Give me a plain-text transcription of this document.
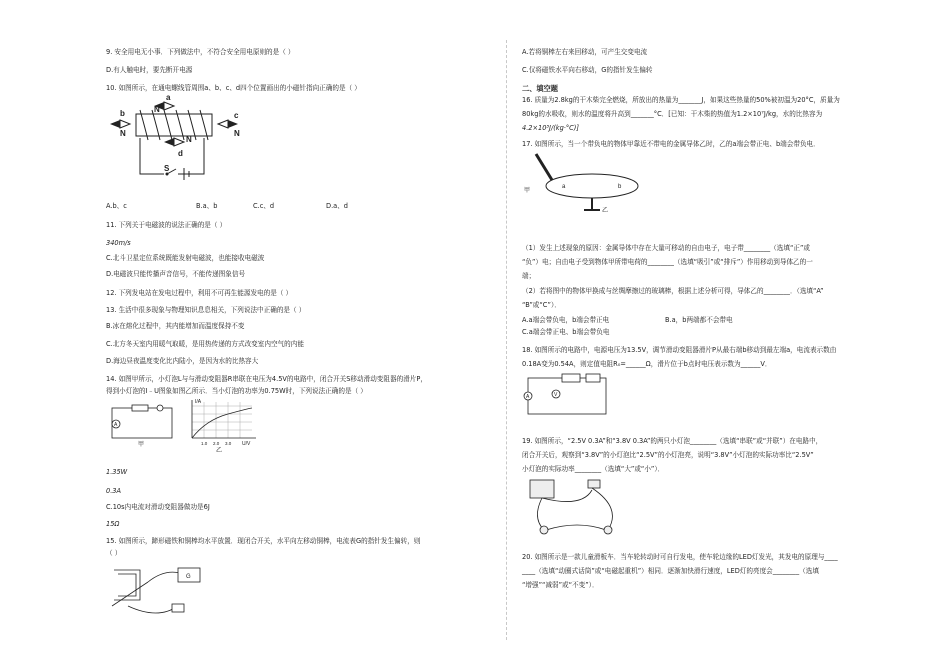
9. 安全用电无小事．下列做法中，不符合安全用电原则的是（ ）
D.有人触电时，要先断开电源
10. 如图所示，在通电螺线管周围a、b、c、d四个位置画出的小磁针指向正确的是（ ）
a
b	c
d
N
N	N
N
S
A.b、c	B.a、b	C.c、d	D.a、d
11. 下列关于电磁波的说法正确的是（ ）
340m/s
C.北斗卫星定位系统既能发射电磁波，也能接收电磁波
D.电磁波只能传播声音信号，不能传递图象信号
12. 下列发电站在发电过程中，利用不可再生能源发电的是（ ）
13. 生活中很多现象与物理知识息息相关，下列说法中正确的是（ ）
B.冰在熔化过程中，其内能增加而温度保持不变
C.北方冬天室内用暖气取暖，是用热传递的方式改变室内空气的内能
D.海边昼夜温度变化比内陆小，是因为水的比热容大
14. 如图甲所示，小灯泡L与与滑动变阻器R串联在电压为4.5V的电路中，闭合开关S移动滑动变阻器的滑片P，
得到小灯泡的I﹣U图象如图乙所示．当小灯泡的功率为0.75W时，下列说法正确的是（ ）
A
甲
I/A
U/V
1.0 2.0 3.0
乙
1.35W
0.3A
C.10s内电流对滑动变阻器做功是6J
15Ω
15. 如图所示，蹄形磁铁和铜棒均水平放置．现闭合开关，水平向左移动铜棒，电流表G的指针发生偏转，则
（ ）
G
A.若将铜棒左右来回移动，可产生交变电流
C.仅将磁铁水平向右移动，G的指针发生偏转
二、填空题
16. 质量为2.8kg的干木柴完全燃烧，所放出的热量为_______J，如果这些热量的50%被初温为20°C，质量为
80kg的水吸收，则水的温度将升高到_______°C．[已知：干木柴的热值为1.2×10⁷J/kg，水的比热容为
4.2×10³J/(kg·°C)]
17. 如图所示，当一个带负电的物体甲靠近不带电的金属导体乙时，乙的a端会带正电、b端会带负电．
甲
a	b
乙
（1）发生上述现象的原因：金属导体中存在大量可移动的自由电子，电子带________（选填“正”或
“负”）电；自由电子受到物体甲所带电荷的________（选填“吸引”或“排斥”）作用移动到导体乙的一
端；
（2）若将图中的物体甲换成与丝绸摩擦过的玻璃棒，根据上述分析可得，导体乙的________．（选填“A”
“B”或“C”）．
A.a端会带负电，b端会带正电	B.a，b两端都不会带电
C.a端会带正电、b端会带负电
18. 如图所示的电路中，电源电压为13.5V，调节滑动变阻器滑片P从最右端b移动到最左端a，电流表示数由
0.18A变为0.54A，则定值电阻R₀=______Ω，滑片位于b点时电压表示数为______V．
A	V
19. 如图所示，“2.5V 0.3A”和“3.8V 0.3A”的两只小灯泡________（选填“串联”或“并联”）在电路中，
闭合开关后，观察到“3.8V”的小灯泡比“2.5V”的小灯泡亮，说明“3.8V”小灯泡的实际功率比“2.5V”
小灯泡的实际功率________（选填“大”或“小”）．
20. 如图所示是一款儿童滑板车．当车轮转动时可自行发电，使车轮边缘的LED灯发光，其发电的原理与____
____（选填“动圈式话筒”或“电磁起重机”）相同．逐渐加快滑行速度，LED灯的亮度会________（选填
“增强”“减弱”或“不变”）．
